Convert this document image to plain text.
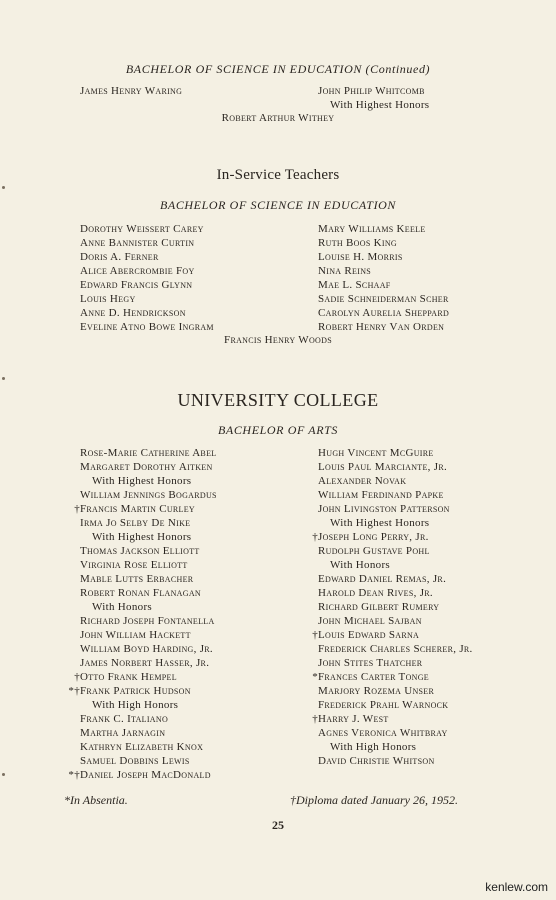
BACHELOR OF SCIENCE IN EDUCATION (Continued)
James Henry Waring	John Philip Whitcomb
With Highest Honors
Robert Arthur Withey
In-Service Teachers
BACHELOR OF SCIENCE IN EDUCATION
Dorothy Weissert Carey
Anne Bannister Curtin
Doris A. Ferner
Alice Abercrombie Foy
Edward Francis Glynn
Louis Hegy
Anne D. Hendrickson
Eveline Atno Bowe Ingram
Mary Williams Keele
Ruth Boos King
Louise H. Morris
Nina Reins
Mae L. Schaaf
Sadie Schneiderman Scher
Carolyn Aurelia Sheppard
Robert Henry Van Orden
Francis Henry Woods
UNIVERSITY COLLEGE
BACHELOR OF ARTS
Rose-Marie Catherine Abel
Margaret Dorothy Aitken
With Highest Honors
William Jennings Bogardus
†Francis Martin Curley
Irma Jo Selby De Nike
With Highest Honors
Thomas Jackson Elliott
Virginia Rose Elliott
Mable Lutts Erbacher
Robert Ronan Flanagan
With Honors
Richard Joseph Fontanella
John William Hackett
William Boyd Harding, Jr.
James Norbert Hasser, Jr.
†Otto Frank Hempel
*†Frank Patrick Hudson
With High Honors
Frank C. Italiano
Martha Jarnagin
Kathryn Elizabeth Knox
Samuel Dobbins Lewis
*†Daniel Joseph MacDonald
Hugh Vincent McGuire
Louis Paul Marciante, Jr.
Alexander Novak
William Ferdinand Papke
John Livingston Patterson
With Highest Honors
†Joseph Long Perry, Jr.
Rudolph Gustave Pohl
With Honors
Edward Daniel Remas, Jr.
Harold Dean Rives, Jr.
Richard Gilbert Rumery
John Michael Sajban
†Louis Edward Sarna
Frederick Charles Scherer, Jr.
John Stites Thatcher
*Frances Carter Tonge
Marjory Rozema Unser
Frederick Prahl Warnock
†Harry J. West
Agnes Veronica Whitbray
With High Honors
David Christie Whitson
*In Absentia.	†Diploma dated January 26, 1952.
25
kenlew.com
